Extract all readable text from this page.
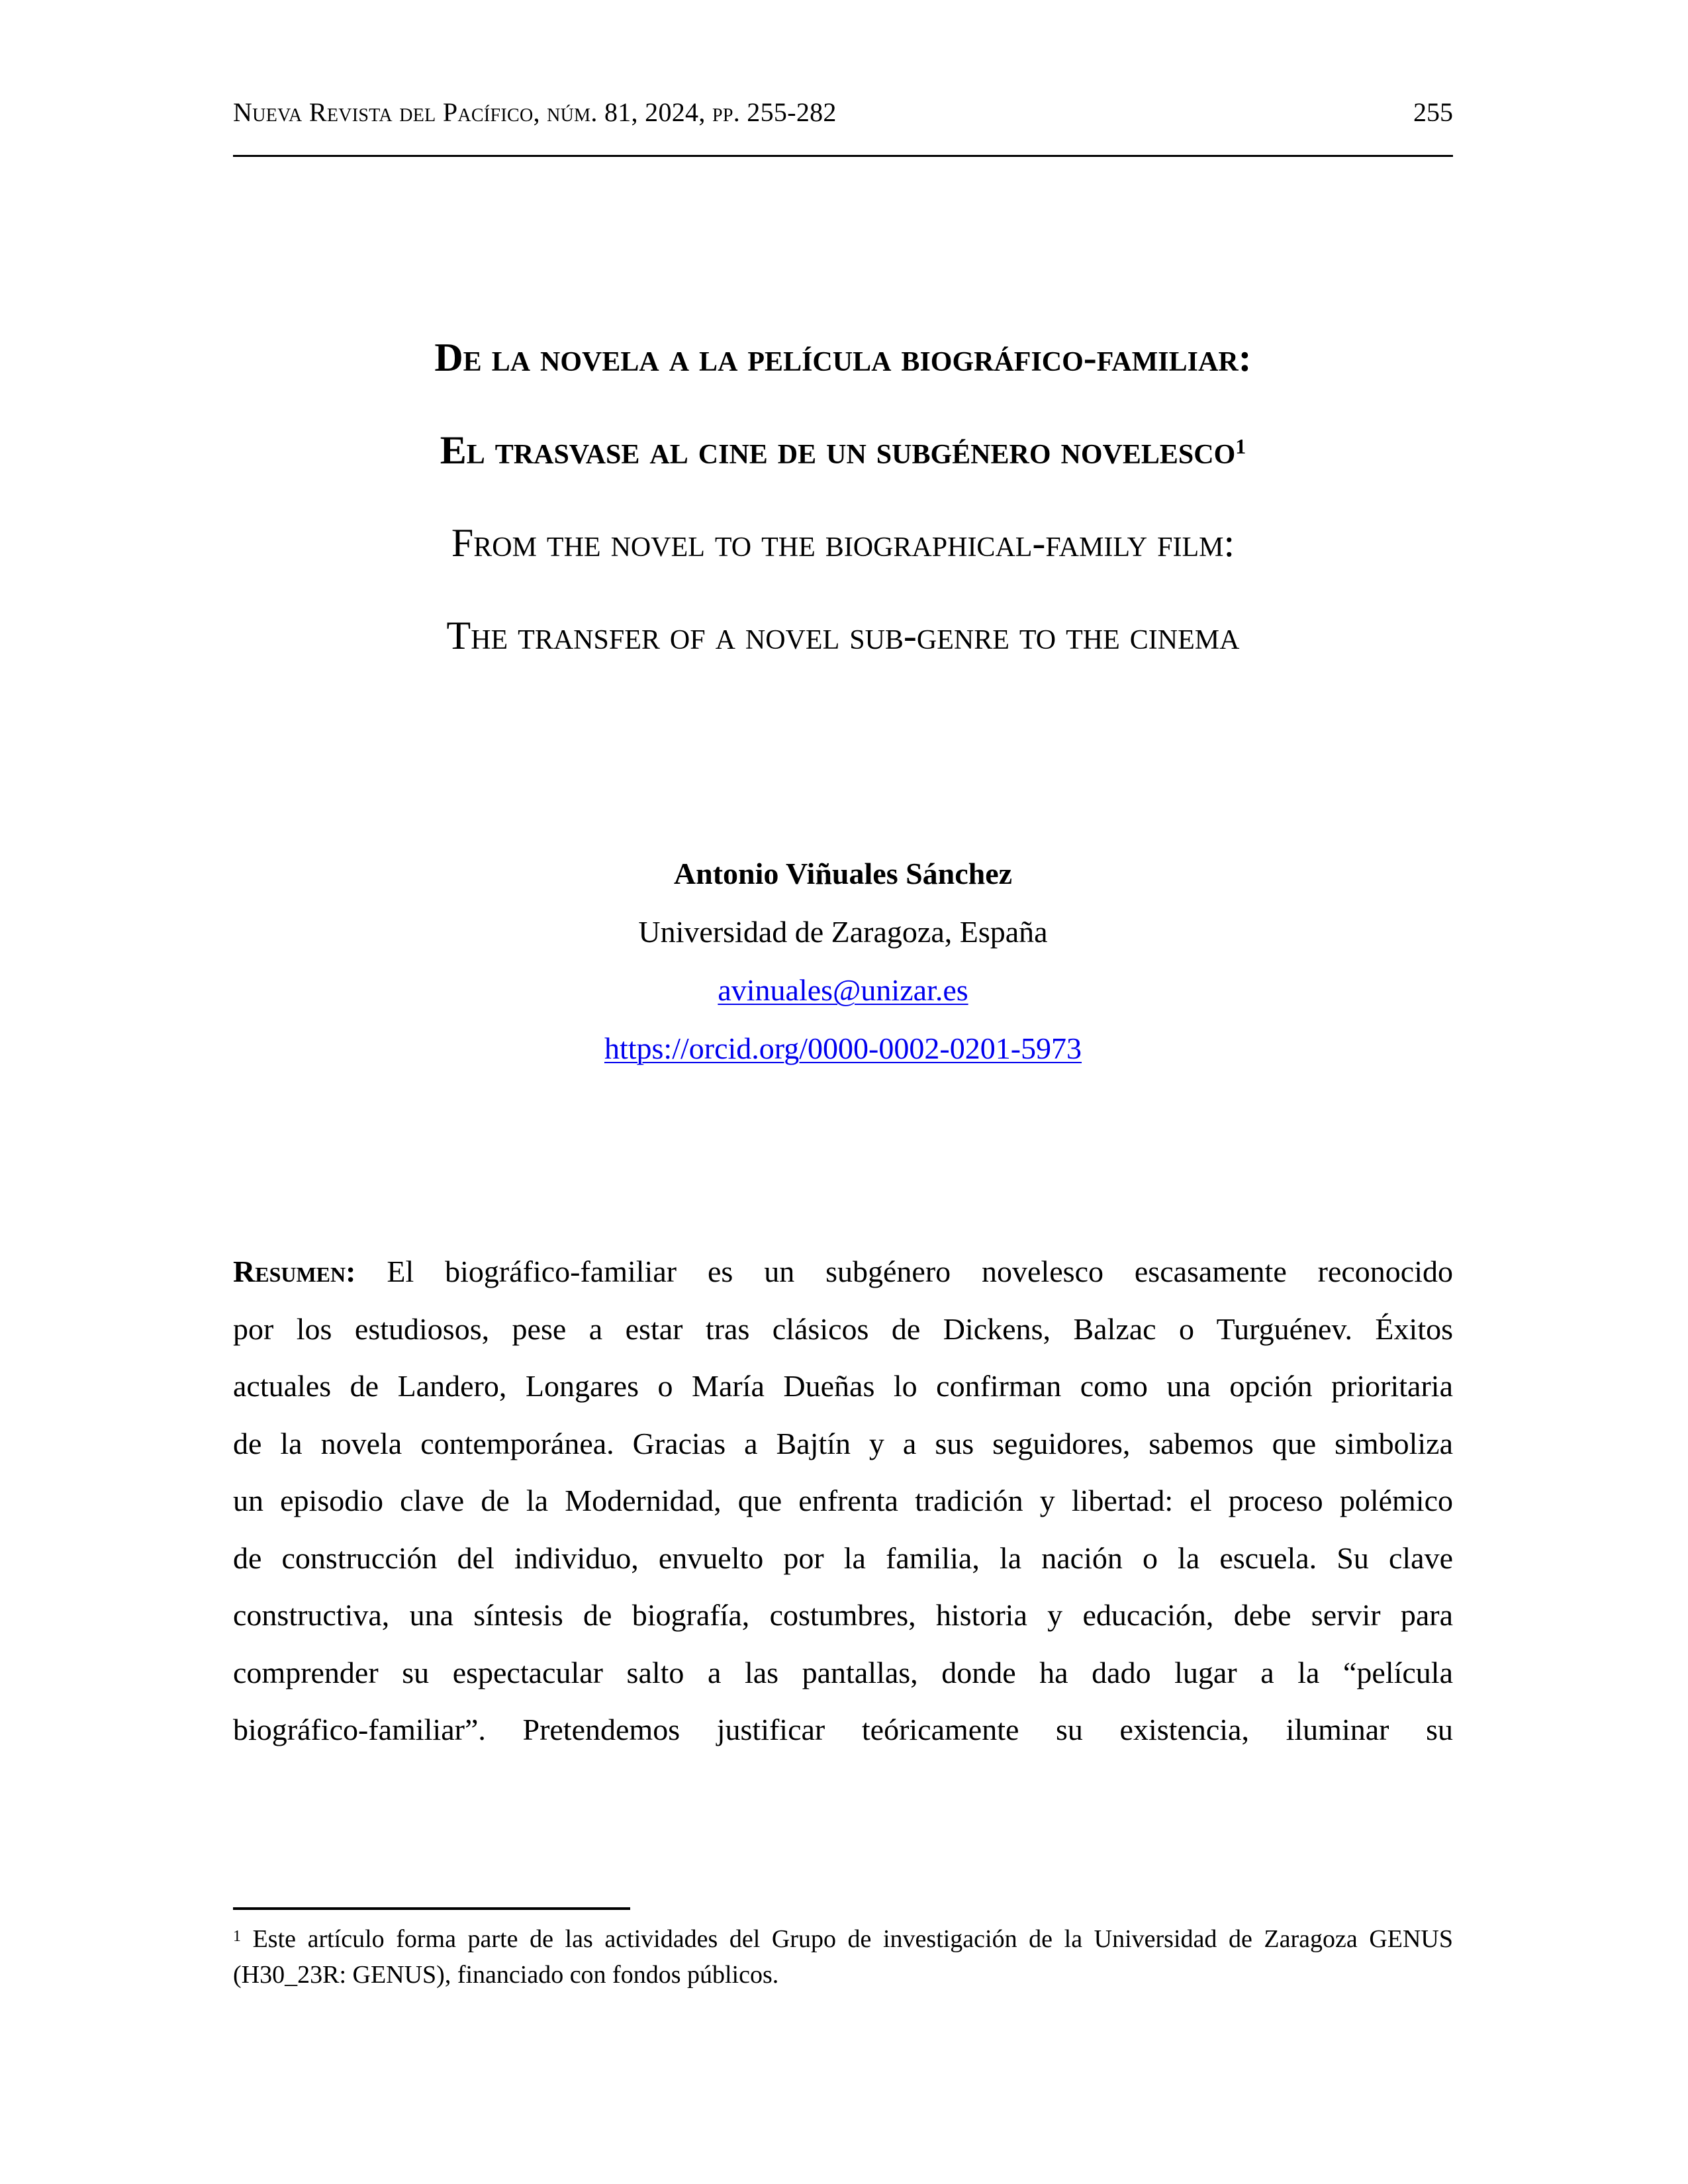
Nueva Revista del Pacífico, núm. 81, 2024, pp. 255-282	255
De la novela a la película biográfico-familiar:
El trasvase al cine de un subgénero novelesco$^1$
From the novel to the biographical-family film:
The transfer of a novel sub-genre to the cinema
Antonio Viñuales Sánchez
Universidad de Zaragoza, España
avinuales@unizar.es
https://orcid.org/0000-0002-0201-5973
Resumen: El biográfico-familiar es un subgénero novelesco escasamente reconocido
por los estudiosos, pese a estar tras clásicos de Dickens, Balzac o Turguénev. Éxitos
actuales de Landero, Longares o María Dueñas lo confirman como una opción prioritaria
de la novela contemporánea. Gracias a Bajtín y a sus seguidores, sabemos que simboliza
un episodio clave de la Modernidad, que enfrenta tradición y libertad: el proceso polémico
de construcción del individuo, envuelto por la familia, la nación o la escuela. Su clave
constructiva, una síntesis de biografía, costumbres, historia y educación, debe servir para
comprender su espectacular salto a las pantallas, donde ha dado lugar a la “película
biográfico-familiar”. Pretendemos justificar teóricamente su existencia, iluminar su
$^1$ Este artículo forma parte de las actividades del Grupo de investigación de la Universidad de Zaragoza GENUS (H30_23R: GENUS), financiado con fondos públicos.
